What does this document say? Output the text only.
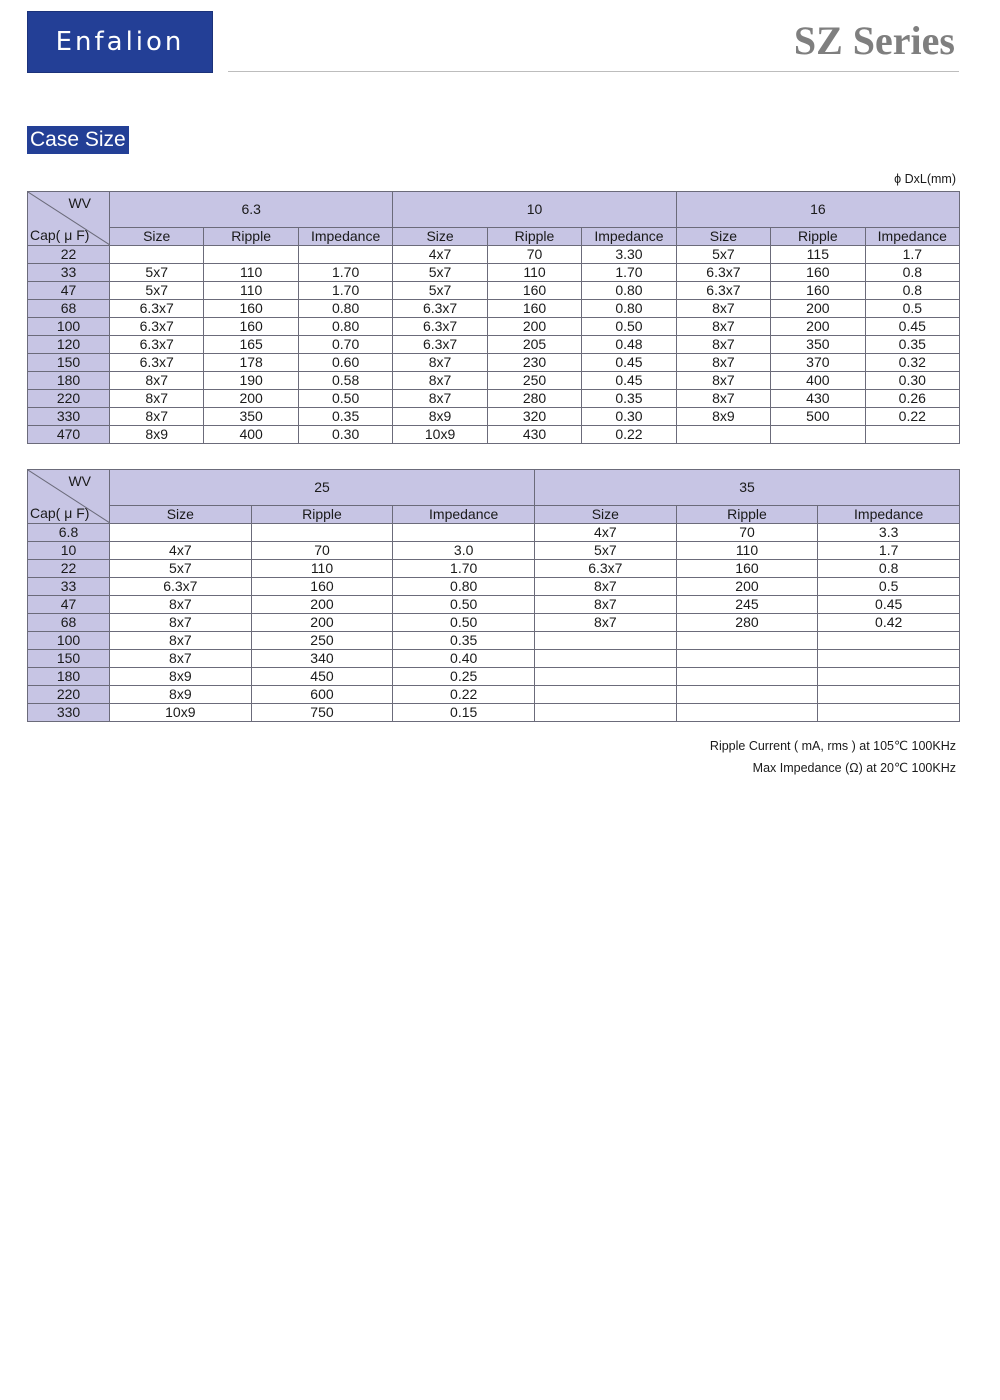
Enfalion	SZ Series
Case Size
ϕ DxL(mm)
WV
Cap( μ F)	6.3			10			16		
	Size	Ripple	Impedance	Size	Ripple	Impedance	Size	Ripple	Impedance
22				4x7	70	3.30	5x7	115	1.7
33	5x7	110	1.70	5x7	110	1.70	6.3x7	160	0.8
47	5x7	110	1.70	5x7	160	0.80	6.3x7	160	0.8
68	6.3x7	160	0.80	6.3x7	160	0.80	8x7	200	0.5
100	6.3x7	160	0.80	6.3x7	200	0.50	8x7	200	0.45
120	6.3x7	165	0.70	6.3x7	205	0.48	8x7	350	0.35
150	6.3x7	178	0.60	8x7	230	0.45	8x7	370	0.32
180	8x7	190	0.58	8x7	250	0.45	8x7	400	0.30
220	8x7	200	0.50	8x7	280	0.35	8x7	430	0.26
330	8x7	350	0.35	8x9	320	0.30	8x9	500	0.22
470	8x9	400	0.30	10x9	430	0.22			
WV
Cap( μ F)	25			35		
	Size	Ripple	Impedance	Size	Ripple	Impedance
6.8				4x7	70	3.3
10	4x7	70	3.0	5x7	110	1.7
22	5x7	110	1.70	6.3x7	160	0.8
33	6.3x7	160	0.80	8x7	200	0.5
47	8x7	200	0.50	8x7	245	0.45
68	8x7	200	0.50	8x7	280	0.42
100	8x7	250	0.35			
150	8x7	340	0.40			
180	8x9	450	0.25			
220	8x9	600	0.22			
330	10x9	750	0.15			
Ripple Current ( mA, rms ) at 105℃ 100KHz
Max Impedance (Ω) at 20℃ 100KHz
